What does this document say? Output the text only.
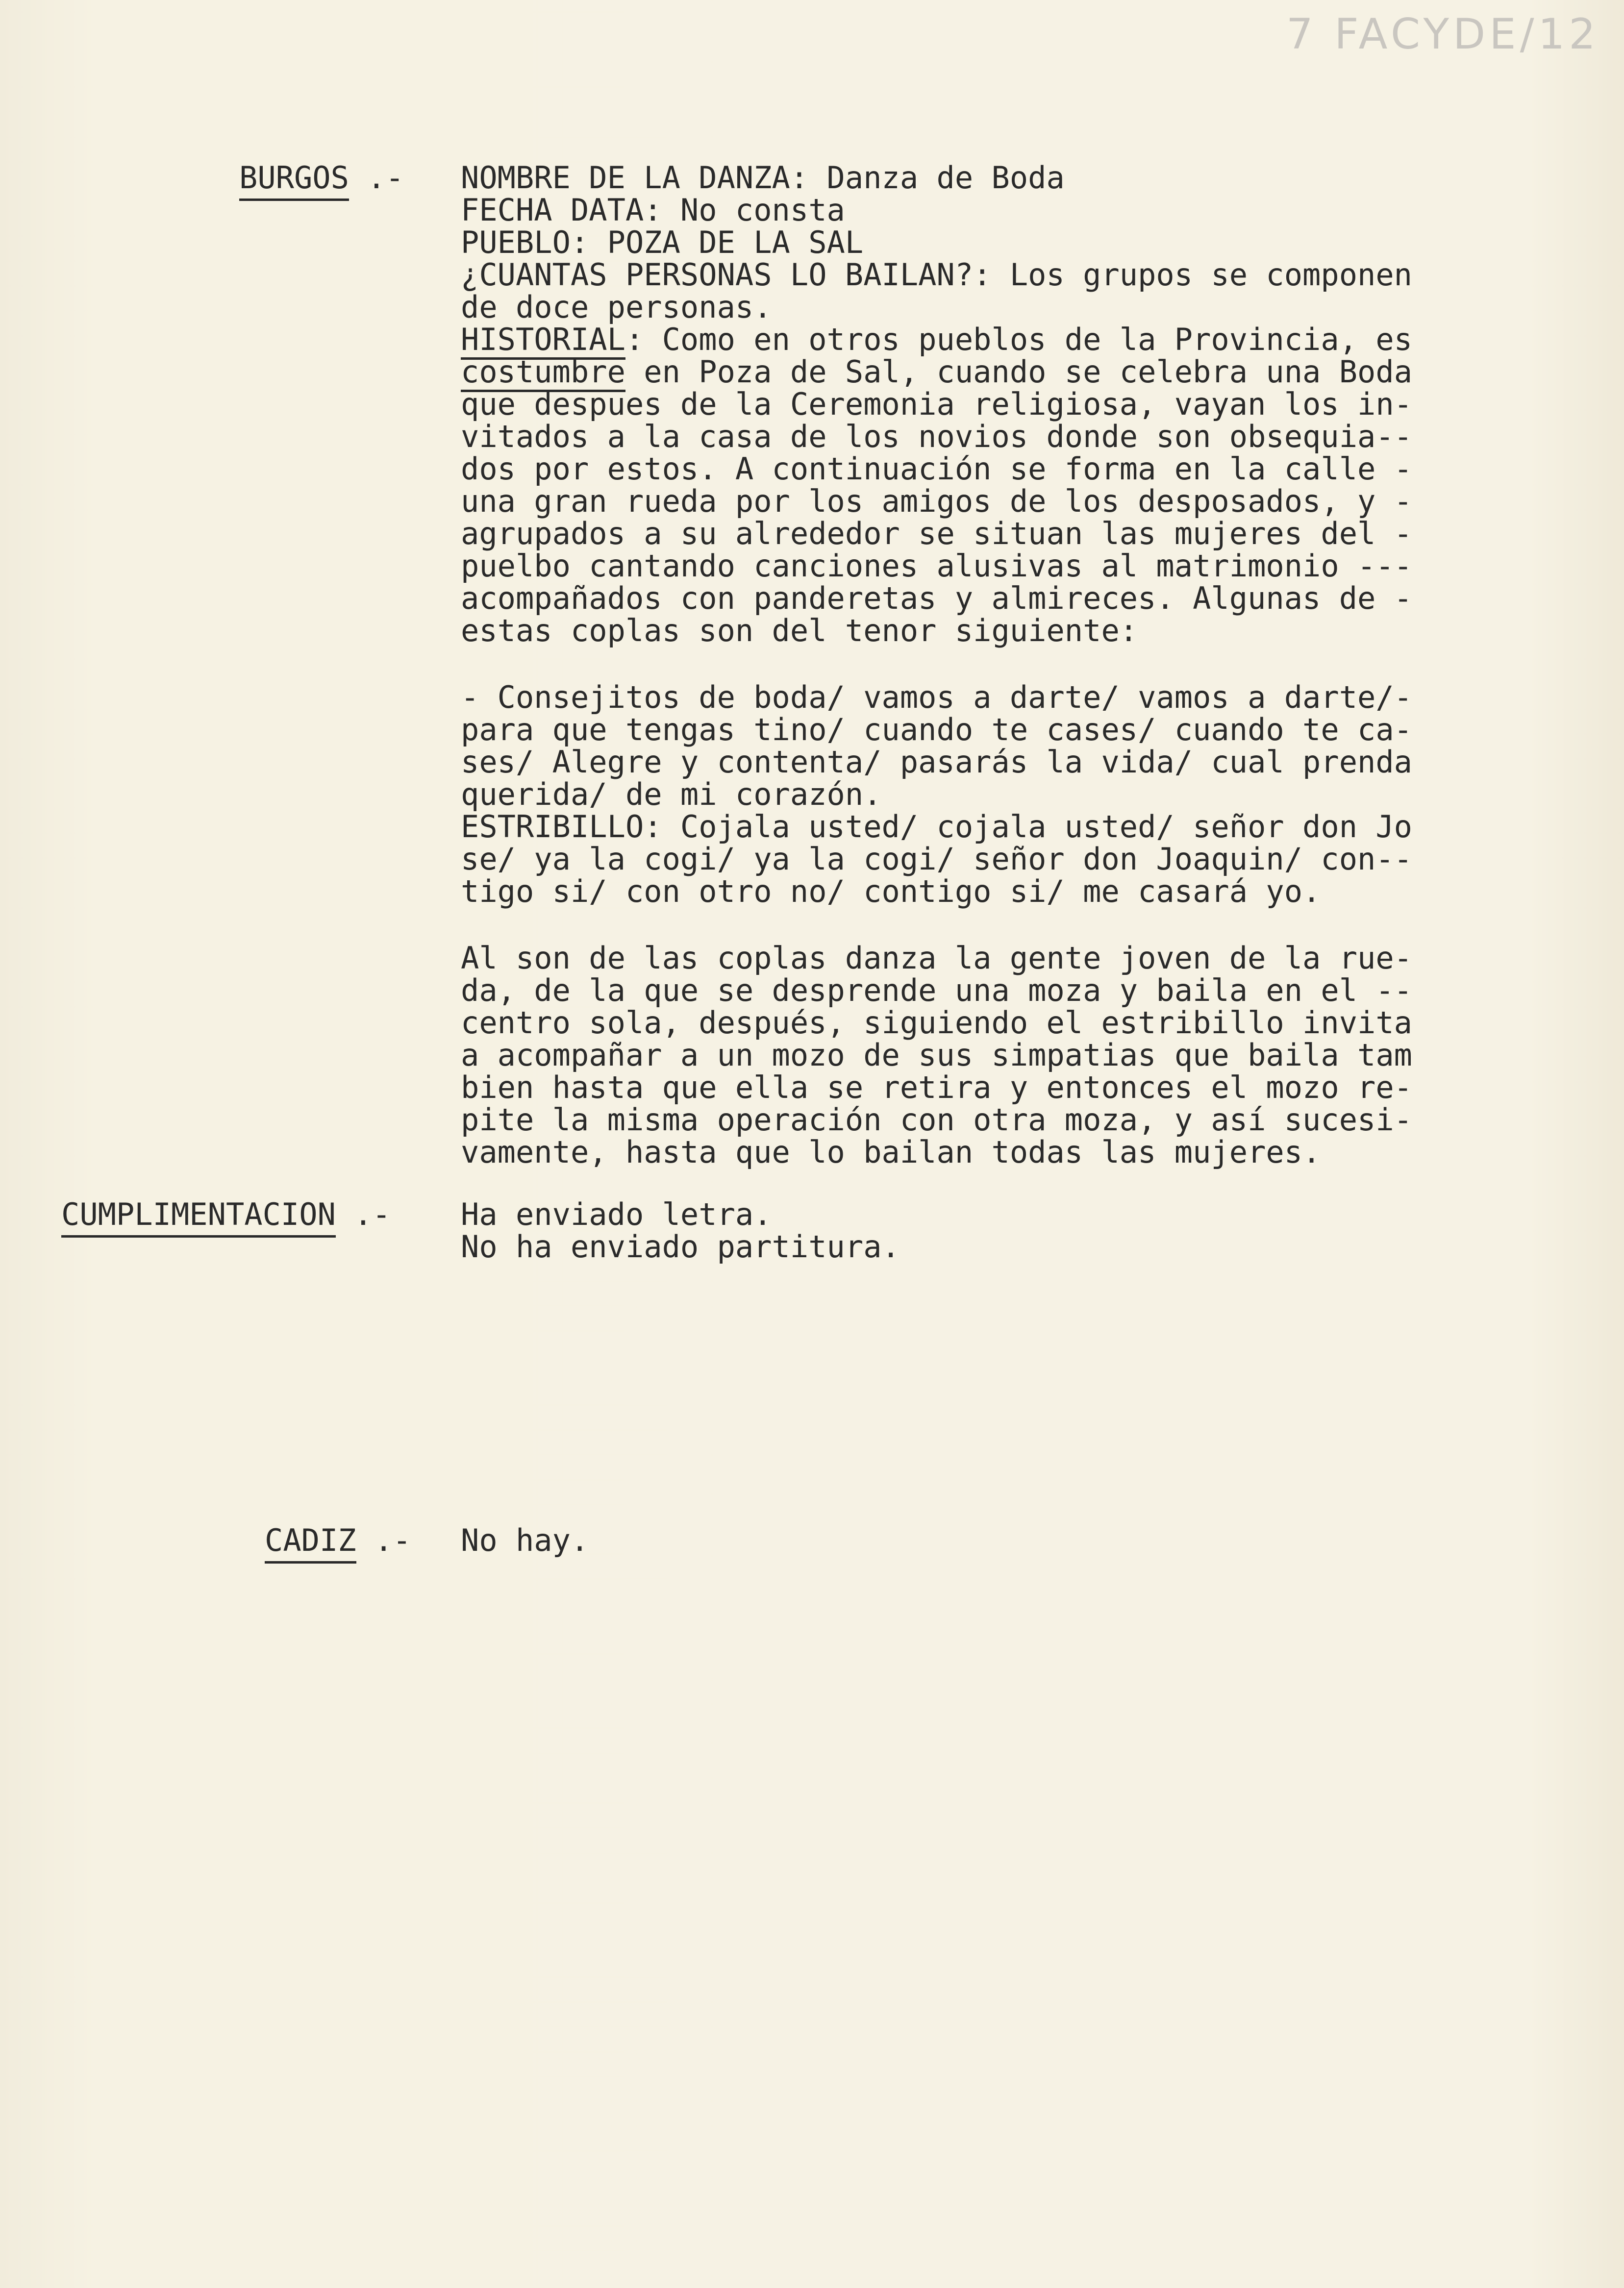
7 FACYDE/12
BURGOS .- NOMBRE DE LA DANZA: Danza de Boda
FECHA DATA: No consta
PUEBLO: POZA DE LA SAL
¿CUANTAS PERSONAS LO BAILAN?: Los grupos se componen
de doce personas.
HISTORIAL: Como en otros pueblos de la Provincia, es
costumbre en Poza de Sal, cuando se celebra una Boda
que despues de la Ceremonia religiosa, vayan los in-
vitados a la casa de los novios donde son obsequia--
dos por estos. A continuación se forma en la calle -
una gran rueda por los amigos de los desposados, y -
agrupados a su alrededor se situan las mujeres del -
puelbo cantando canciones alusivas al matrimonio ---
acompañados con panderetas y almireces. Algunas de -
estas coplas son del tenor siguiente:
- Consejitos de boda/ vamos a darte/ vamos a darte/-
para que tengas tino/ cuando te cases/ cuando te ca-
ses/ Alegre y contenta/ pasarás la vida/ cual prenda
querida/ de mi corazón.
ESTRIBILLO: Cojala usted/ cojala usted/ señor don Jo
se/ ya la cogi/ ya la cogi/ señor don Joaquin/ con--
tigo si/ con otro no/ contigo si/ me casará yo.
Al son de las coplas danza la gente joven de la rue-
da, de la que se desprende una moza y baila en el --
centro sola, después, siguiendo el estribillo invita
a acompañar a un mozo de sus simpatias que baila tam
bien hasta que ella se retira y entonces el mozo re-
pite la misma operación con otra moza, y así sucesi-
vamente, hasta que lo bailan todas las mujeres.
CUMPLIMENTACION .- Ha enviado letra.
No ha enviado partitura.
CADIZ .- No hay.
